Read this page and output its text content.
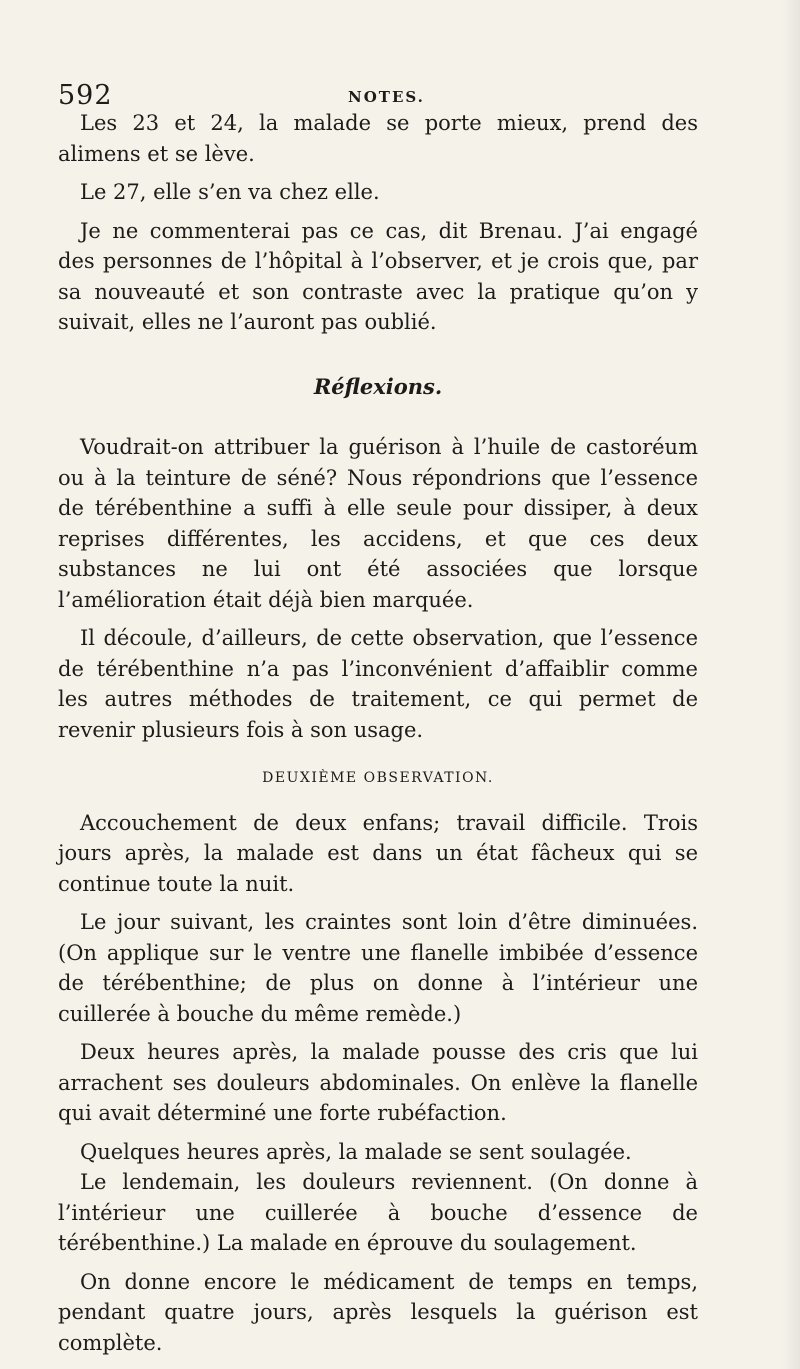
592	NOTES.

Les 23 et 24, la malade se porte mieux, prend des alimens et se lève.

Le 27, elle s’en va chez elle.

Je ne commenterai pas ce cas, dit Brenau. J’ai engagé des personnes de l’hôpital à l’observer, et je crois que, par sa nouveauté et son contraste avec la pratique qu’on y suivait, elles ne l’auront pas oublié.

Réflexions.

Voudrait-on attribuer la guérison à l’huile de castoréum ou à la teinture de séné? Nous répondrions que l’essence de térébenthine a suffi à elle seule pour dissiper, à deux reprises différentes, les accidens, et que ces deux substances ne lui ont été associées que lorsque l’amélioration était déjà bien marquée.

Il découle, d’ailleurs, de cette observation, que l’essence de térébenthine n’a pas l’inconvénient d’affaiblir comme les autres méthodes de traitement, ce qui permet de revenir plusieurs fois à son usage.

DEUXIÈME OBSERVATION.

Accouchement de deux enfans; travail difficile. Trois jours après, la malade est dans un état fâcheux qui se continue toute la nuit.

Le jour suivant, les craintes sont loin d’être diminuées. (On applique sur le ventre une flanelle imbibée d’essence de térébenthine; de plus on donne à l’intérieur une cuillerée à bouche du même remède.)

Deux heures après, la malade pousse des cris que lui arrachent ses douleurs abdominales. On enlève la flanelle qui avait déterminé une forte rubéfaction.

Quelques heures après, la malade se sent soulagée.

Le lendemain, les douleurs reviennent. (On donne à l’intérieur une cuillerée à bouche d’essence de térébenthine.) La malade en éprouve du soulagement.

On donne encore le médicament de temps en temps, pendant quatre jours, après lesquels la guérison est complète.
